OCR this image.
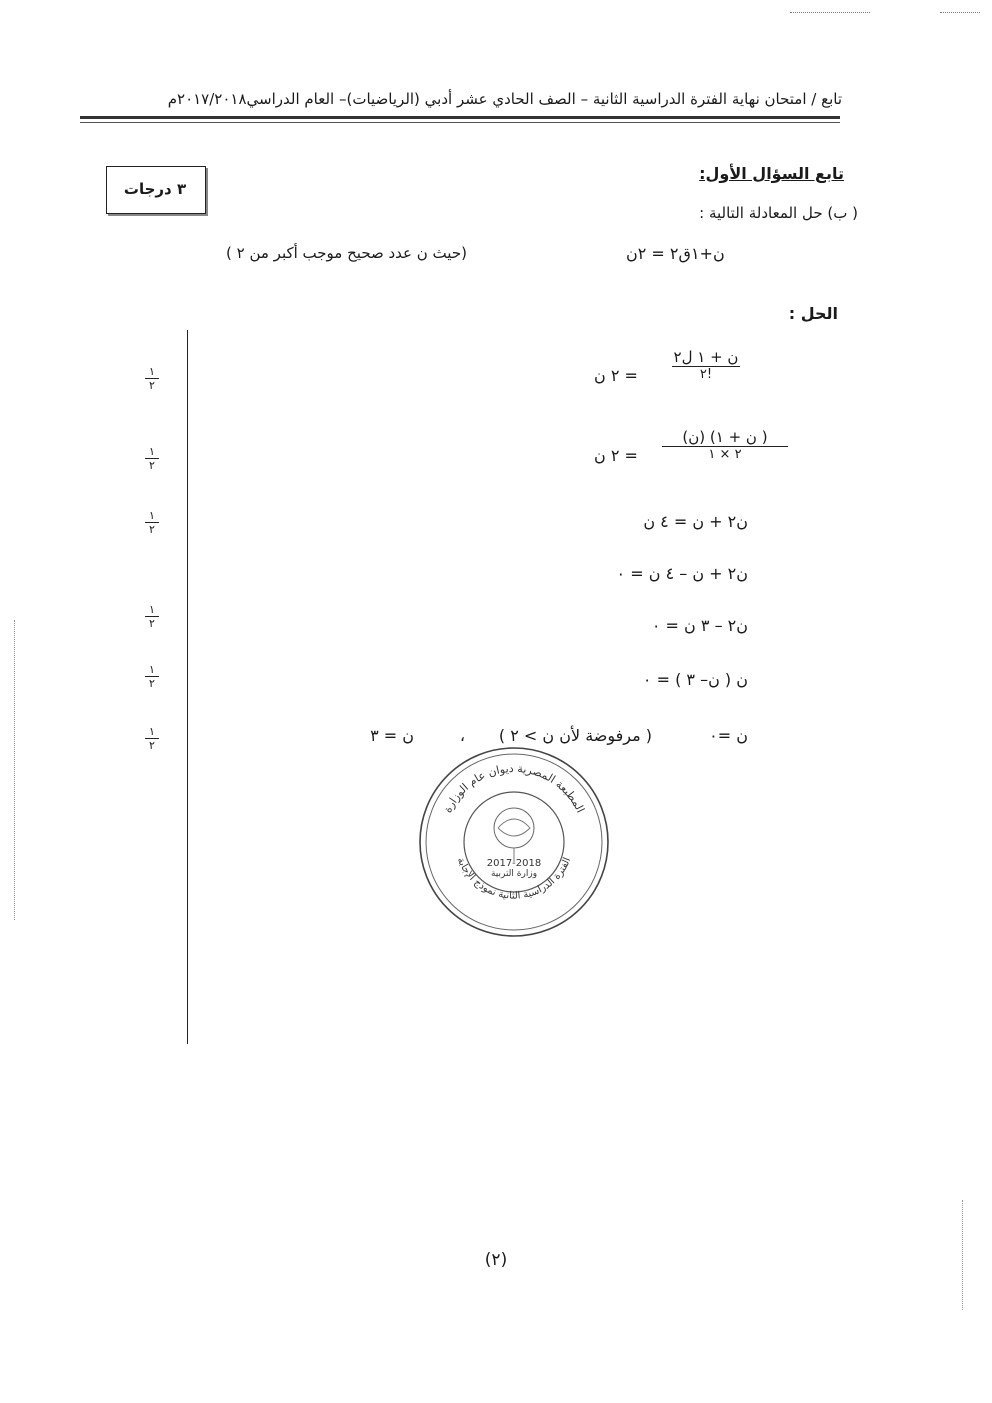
تابع / امتحان نهاية الفترة الدراسية الثانية – الصف الحادي عشر أدبي (الرياضيات)– العام الدراسي٢٠١٧/٢٠١٨م
٣ درجات
تابع السؤال الأول:
( ب) حل المعادلة التالية :
ن+١ق٢ = ٢ن
(حيث ن عدد صحيح موجب أكبر من ٢ )
الحل :
١
٢
١
٢
١
٢
١
٢
١
٢
١
٢
ن + ١ ل٢
٢!
= ٢ ن
( ن + ١) (ن)
٢ × ١
= ٢ ن
ن٢ + ن = ٤ ن
ن٢ + ن – ٤ ن = ٠
ن٢ – ٣ ن = ٠
ن ( ن– ٣ ) = ٠
ن =٠
( مرفوضة لأن ن > ٢ )
،
ن = ٣
المطبعة المصرية ديوان عام الوزارة
الفترة الدراسية الثانية نموذج الإجابة
وزارة التربية
2017-2018
(٢)
